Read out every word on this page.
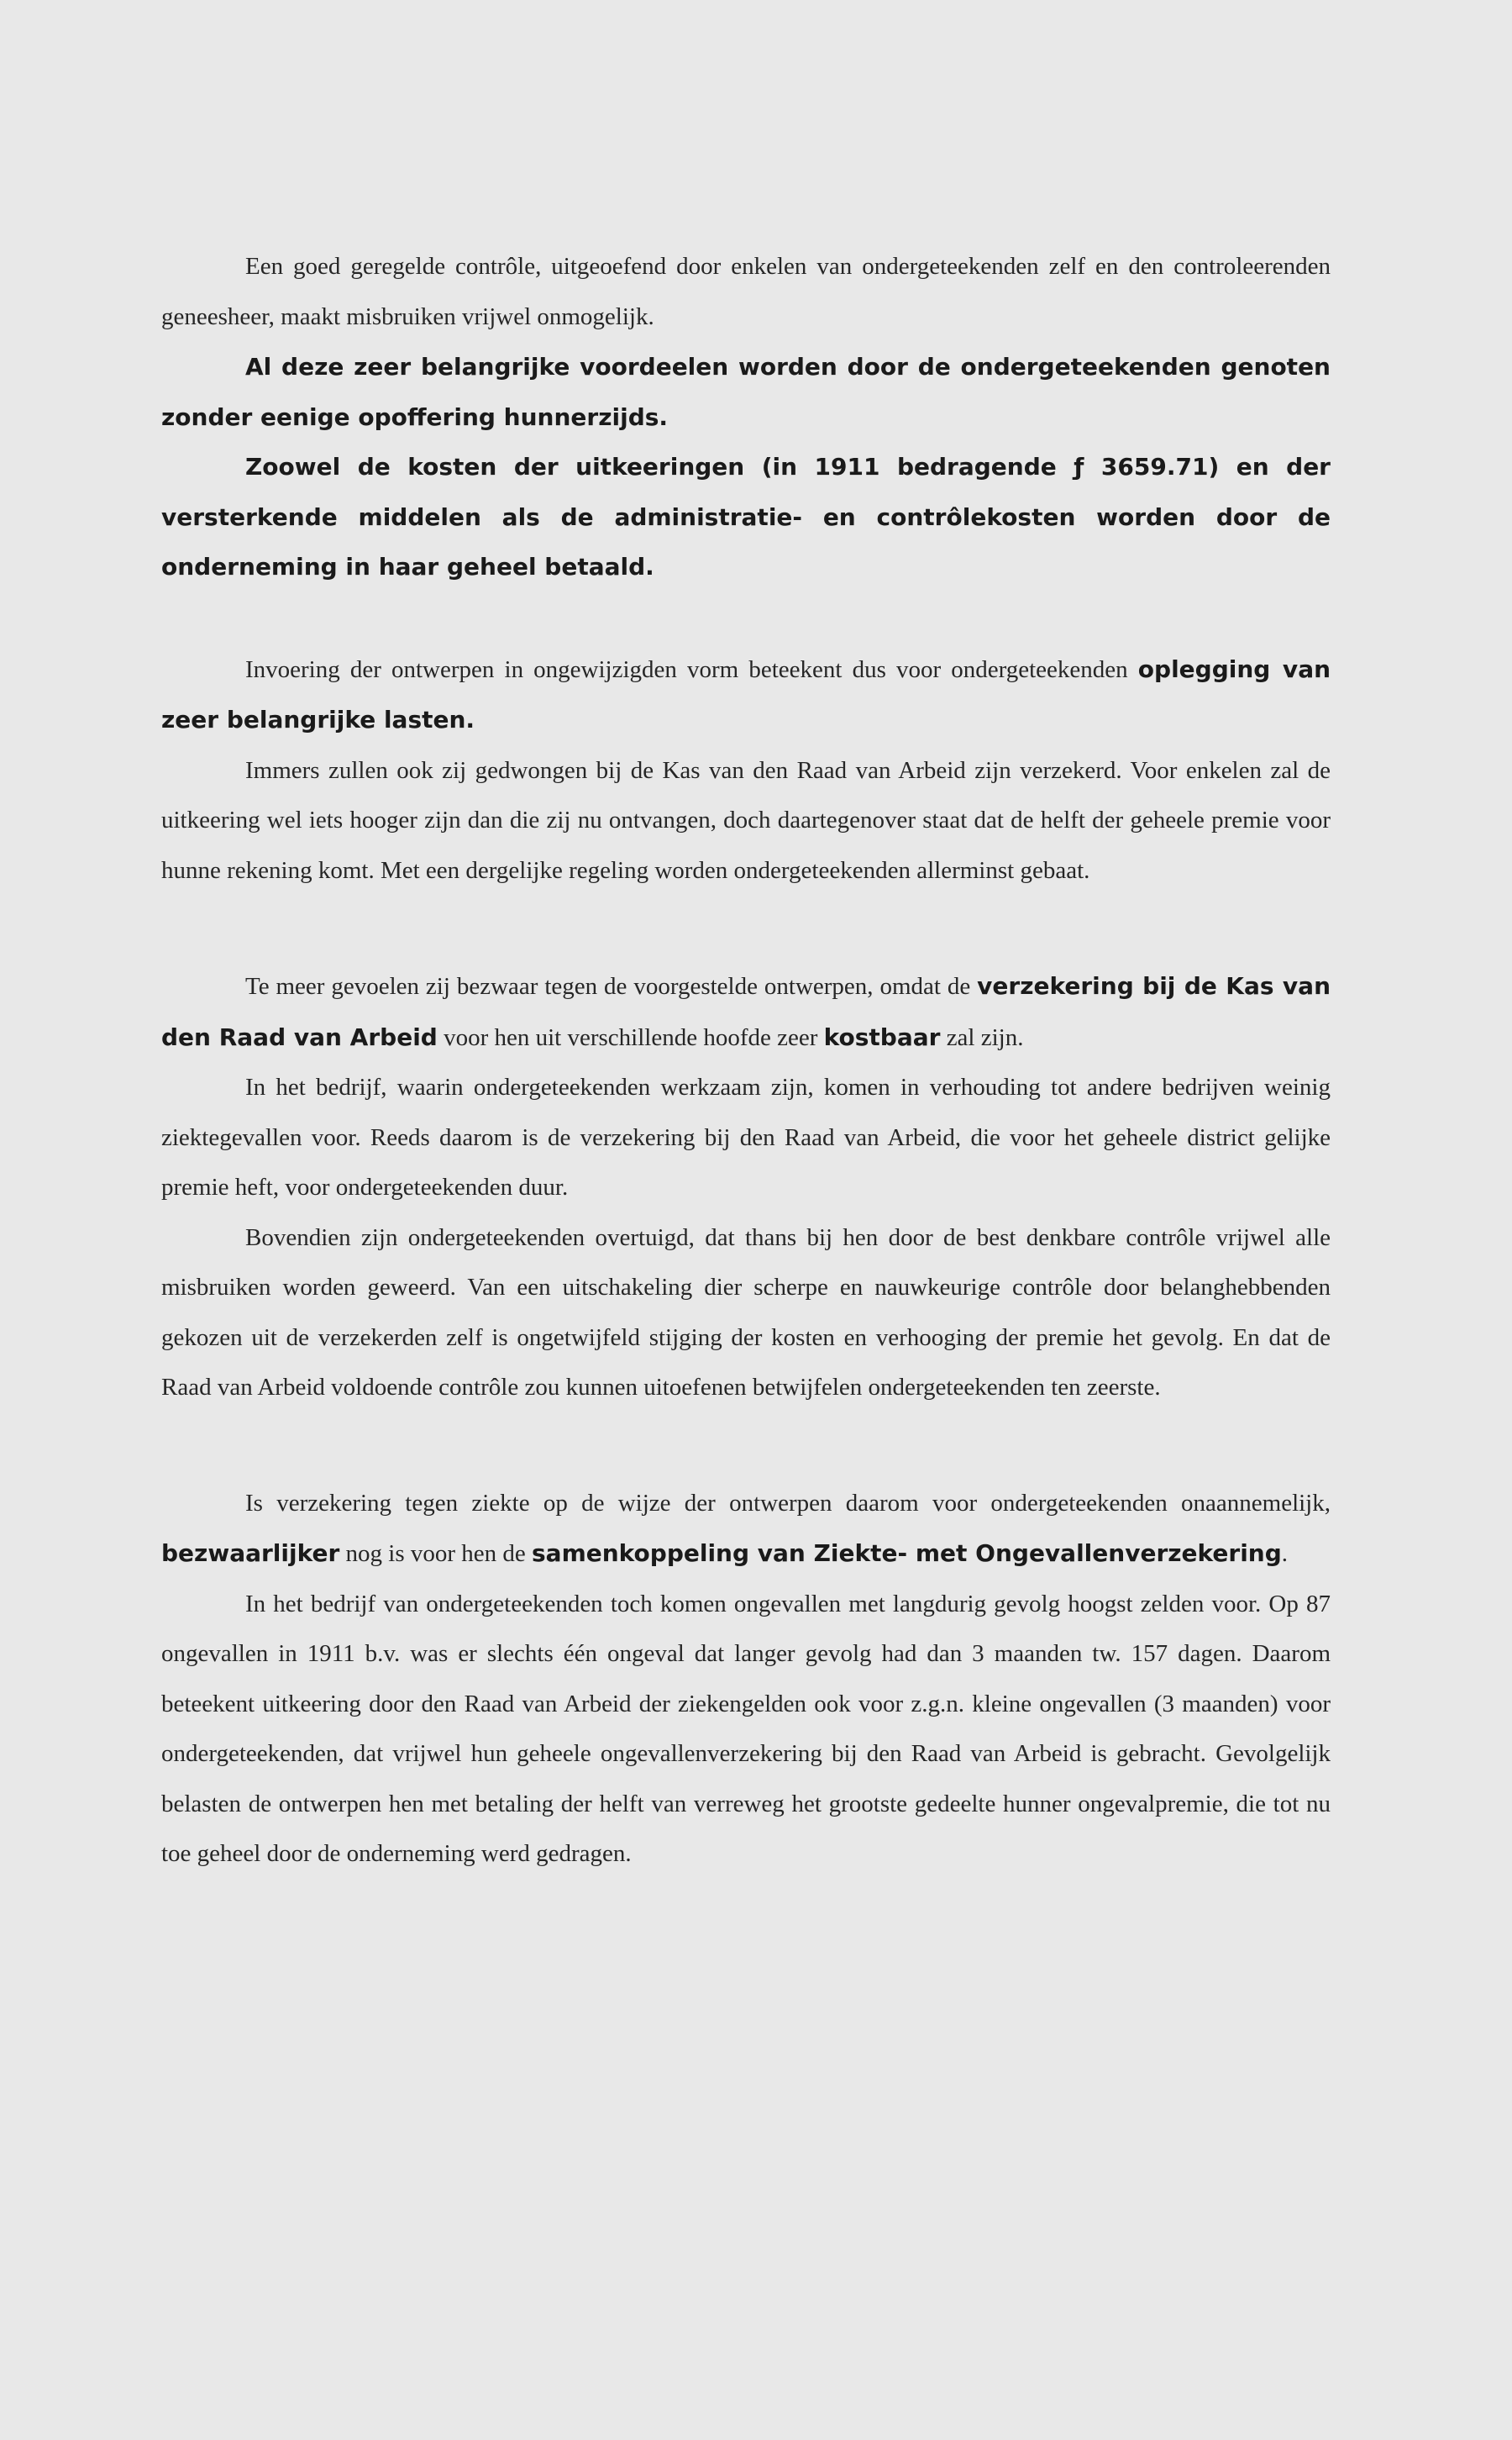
Een goed geregelde contrôle, uitgeoefend door enkelen van ondergeteekenden zelf en den controleerenden geneesheer, maakt misbruiken vrijwel onmogelijk.

Al deze zeer belangrijke voordeelen worden door de ondergeteekenden genoten zonder eenige opoffering hunnerzijds.

Zoowel de kosten der uitkeeringen (in 1911 bedragende ƒ 3659.71) en der versterkende middelen als de administratie- en contrôlekosten worden door de onderneming in haar geheel betaald.

Invoering der ontwerpen in ongewijzigden vorm beteekent dus voor ondergeteekenden oplegging van zeer belangrijke lasten.

Immers zullen ook zij gedwongen bij de Kas van den Raad van Arbeid zijn verzekerd. Voor enkelen zal de uitkeering wel iets hooger zijn dan die zij nu ontvangen, doch daartegenover staat dat de helft der geheele premie voor hunne rekening komt. Met een dergelijke regeling worden ondergeteekenden allerminst gebaat.

Te meer gevoelen zij bezwaar tegen de voorgestelde ontwerpen, omdat de verzekering bij de Kas van den Raad van Arbeid voor hen uit verschillende hoofde zeer kostbaar zal zijn.

In het bedrijf, waarin ondergeteekenden werkzaam zijn, komen in verhouding tot andere bedrijven weinig ziektegevallen voor. Reeds daarom is de verzekering bij den Raad van Arbeid, die voor het geheele district gelijke premie heft, voor ondergeteekenden duur.

Bovendien zijn ondergeteekenden overtuigd, dat thans bij hen door de best denkbare contrôle vrijwel alle misbruiken worden geweerd. Van een uitschakeling dier scherpe en nauwkeurige contrôle door belanghebbenden gekozen uit de verzekerden zelf is ongetwijfeld stijging der kosten en verhooging der premie het gevolg. En dat de Raad van Arbeid voldoende contrôle zou kunnen uitoefenen betwijfelen ondergeteekenden ten zeerste.

Is verzekering tegen ziekte op de wijze der ontwerpen daarom voor ondergeteekenden onaannemelijk, bezwaarlijker nog is voor hen de samenkoppeling van Ziekte- met Ongevallenverzekering.

In het bedrijf van ondergeteekenden toch komen ongevallen met langdurig gevolg hoogst zelden voor. Op 87 ongevallen in 1911 b.v. was er slechts één ongeval dat langer gevolg had dan 3 maanden tw. 157 dagen. Daarom beteekent uitkeering door den Raad van Arbeid der ziekengelden ook voor z.g.n. kleine ongevallen (3 maanden) voor ondergeteekenden, dat vrijwel hun geheele ongevallenverzekering bij den Raad van Arbeid is gebracht. Gevolgelijk belasten de ontwerpen hen met betaling der helft van verreweg het grootste gedeelte hunner ongevalpremie, die tot nu toe geheel door de onderneming werd gedragen.
